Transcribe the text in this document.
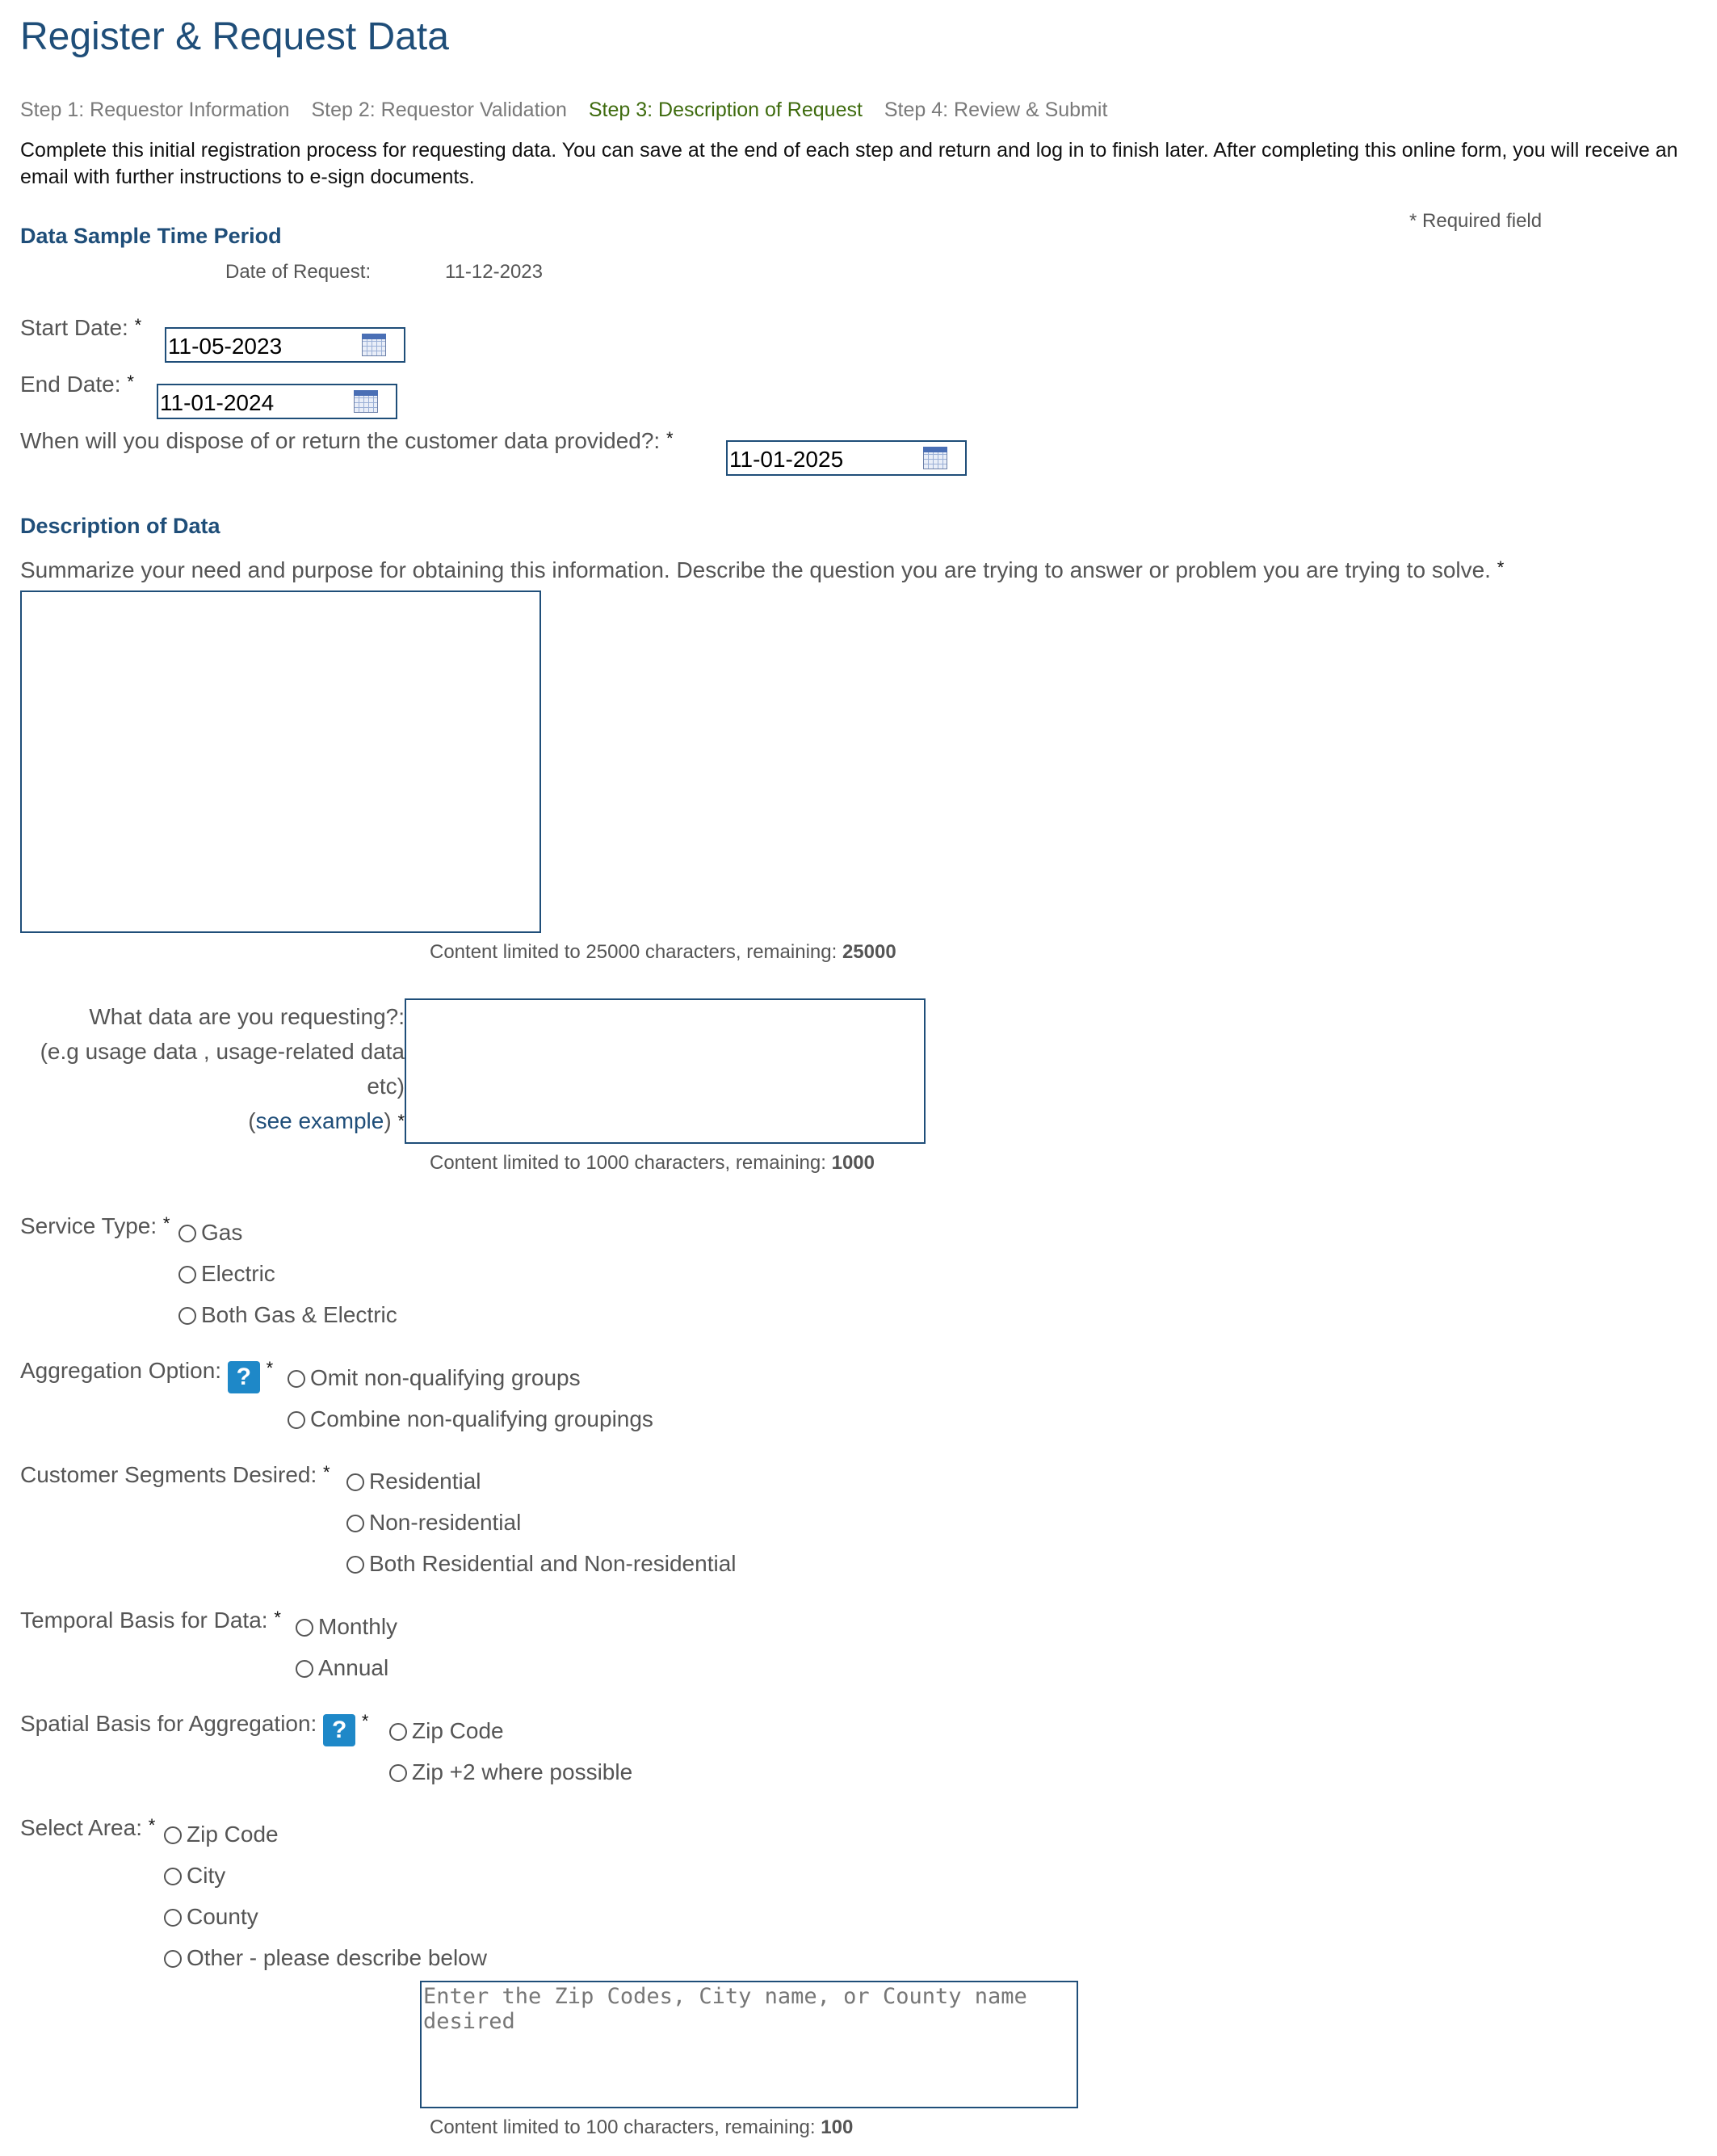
Register & Request Data
Step 1: Requestor Information Step 2: Requestor Validation Step 3: Description of Request Step 4: Review & Submit
Complete this initial registration process for requesting data. You can save at the end of each step and return and log in to finish later. After completing this online form, you will receive an email with further instructions to e-sign documents.
* Required field
Data Sample Time Period
Date of Request:	11-12-2023
Start Date: *
11-05-2023
End Date: *
11-01-2024
When will you dispose of or return the customer data provided?: *
11-01-2025
Description of Data
Summarize your need and purpose for obtaining this information. Describe the question you are trying to answer or problem you are trying to solve. *
Content limited to 25000 characters, remaining: 25000
What data are you requesting?:
(e.g usage data , usage-related data
etc)
(see example) *
Content limited to 1000 characters, remaining: 1000
Service Type: *	Gas
Electric
Both Gas & Electric
Aggregation Option: ? *	Omit non-qualifying groups
Combine non-qualifying groupings
Customer Segments Desired: *	Residential
Non-residential
Both Residential and Non-residential
Temporal Basis for Data: *	Monthly
Annual
Spatial Basis for Aggregation: ? *	Zip Code
Zip +2 where possible
Select Area: *	Zip Code
City
County
Other - please describe below
Enter the Zip Codes, City name, or County name desired
Content limited to 100 characters, remaining: 100
